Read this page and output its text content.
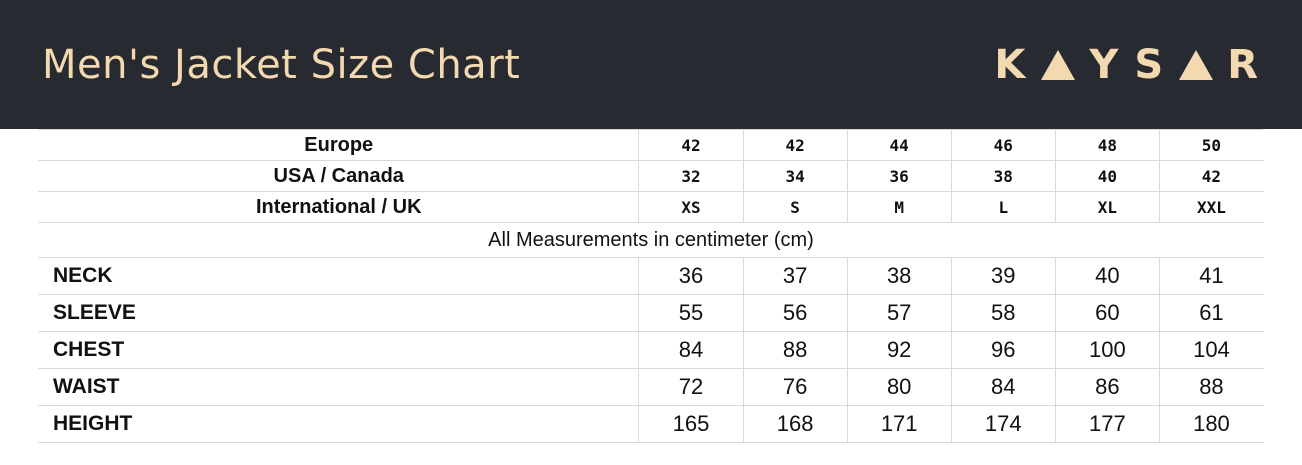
Men's Jacket Size Chart	K Y S R
Europe	42	42	44	46	48	50
USA / Canada	32	34	36	38	40	42
International / UK	XS	S	M	L	XL	XXL
All Measurements in centimeter (cm)						
NECK	36	37	38	39	40	41
SLEEVE	55	56	57	58	60	61
CHEST	84	88	92	96	100	104
WAIST	72	76	80	84	86	88
HEIGHT	165	168	171	174	177	180
